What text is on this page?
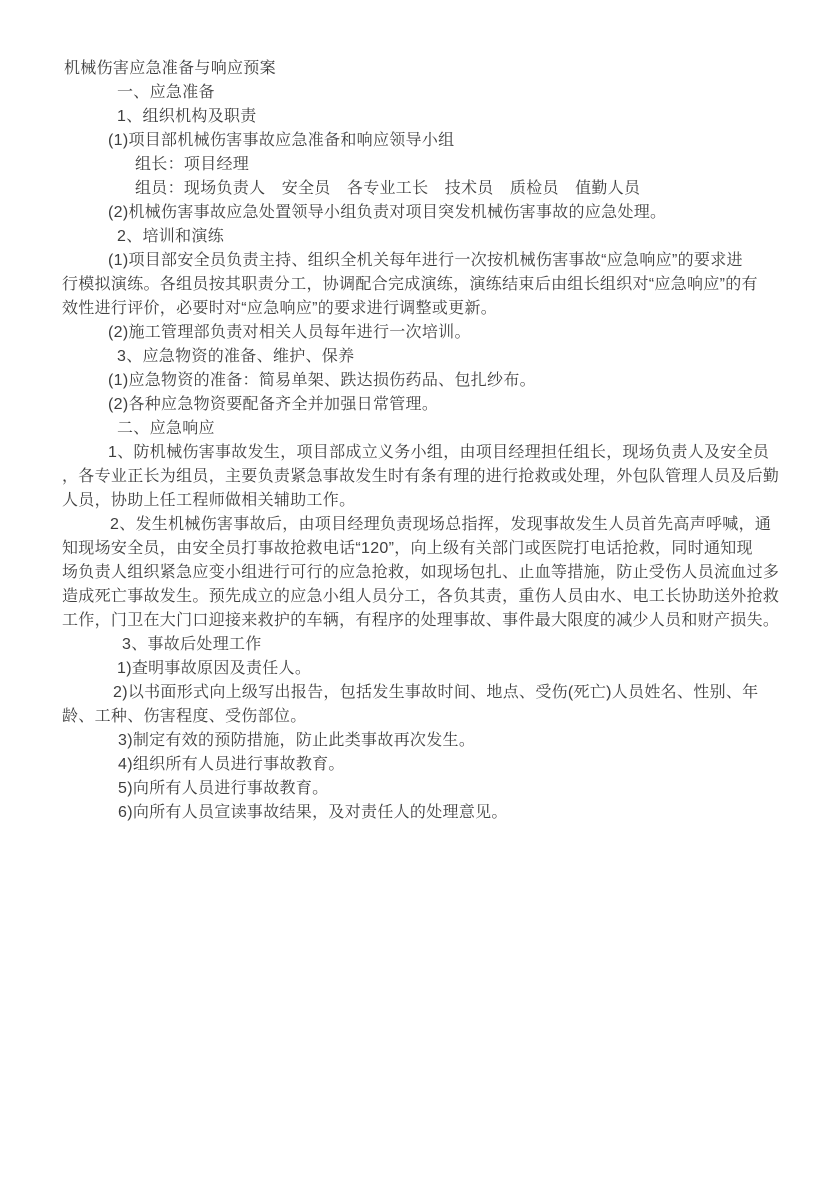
机械伤害应急准备与响应预案
一、应急准备
1、组织机构及职责
(1)项目部机械伤害事故应急准备和响应领导小组
组长：项目经理
组员：现场负责人　安全员　各专业工长　技术员　质检员　值勤人员
(2)机械伤害事故应急处置领导小组负责对项目突发机械伤害事故的应急处理。
2、培训和演练
(1)项目部安全员负责主持、组织全机关每年进行一次按机械伤害事故“应急响应”的要求进
行模拟演练。各组员按其职责分工，协调配合完成演练，演练结束后由组长组织对“应急响应”的有
效性进行评价，必要时对“应急响应”的要求进行调整或更新。
(2)施工管理部负责对相关人员每年进行一次培训。
3、应急物资的准备、维护、保养
(1)应急物资的准备：简易单架、跌达损伤药品、包扎纱布。
(2)各种应急物资要配备齐全并加强日常管理。
二、应急响应
1、防机械伤害事故发生，项目部成立义务小组，由项目经理担任组长，现场负责人及安全员
，各专业正长为组员，主要负责紧急事故发生时有条有理的进行抢救或处理，外包队管理人员及后勤
人员，协助上任工程师做相关辅助工作。
2、发生机械伤害事故后，由项目经理负责现场总指挥，发现事故发生人员首先高声呼喊，通
知现场安全员，由安全员打事故抢救电话“120”，向上级有关部门或医院打电话抢救，同时通知现
场负责人组织紧急应变小组进行可行的应急抢救，如现场包扎、止血等措施，防止受伤人员流血过多
造成死亡事故发生。预先成立的应急小组人员分工，各负其责，重伤人员由水、电工长协助送外抢救
工作，门卫在大门口迎接来救护的车辆，有程序的处理事故、事件最大限度的减少人员和财产损失。
3、事故后处理工作
1)查明事故原因及责任人。
2)以书面形式向上级写出报告，包括发生事故时间、地点、受伤(死亡)人员姓名、性别、年
龄、工种、伤害程度、受伤部位。
3)制定有效的预防措施，防止此类事故再次发生。
4)组织所有人员进行事故教育。
5)向所有人员进行事故教育。
6)向所有人员宣读事故结果，及对责任人的处理意见。
